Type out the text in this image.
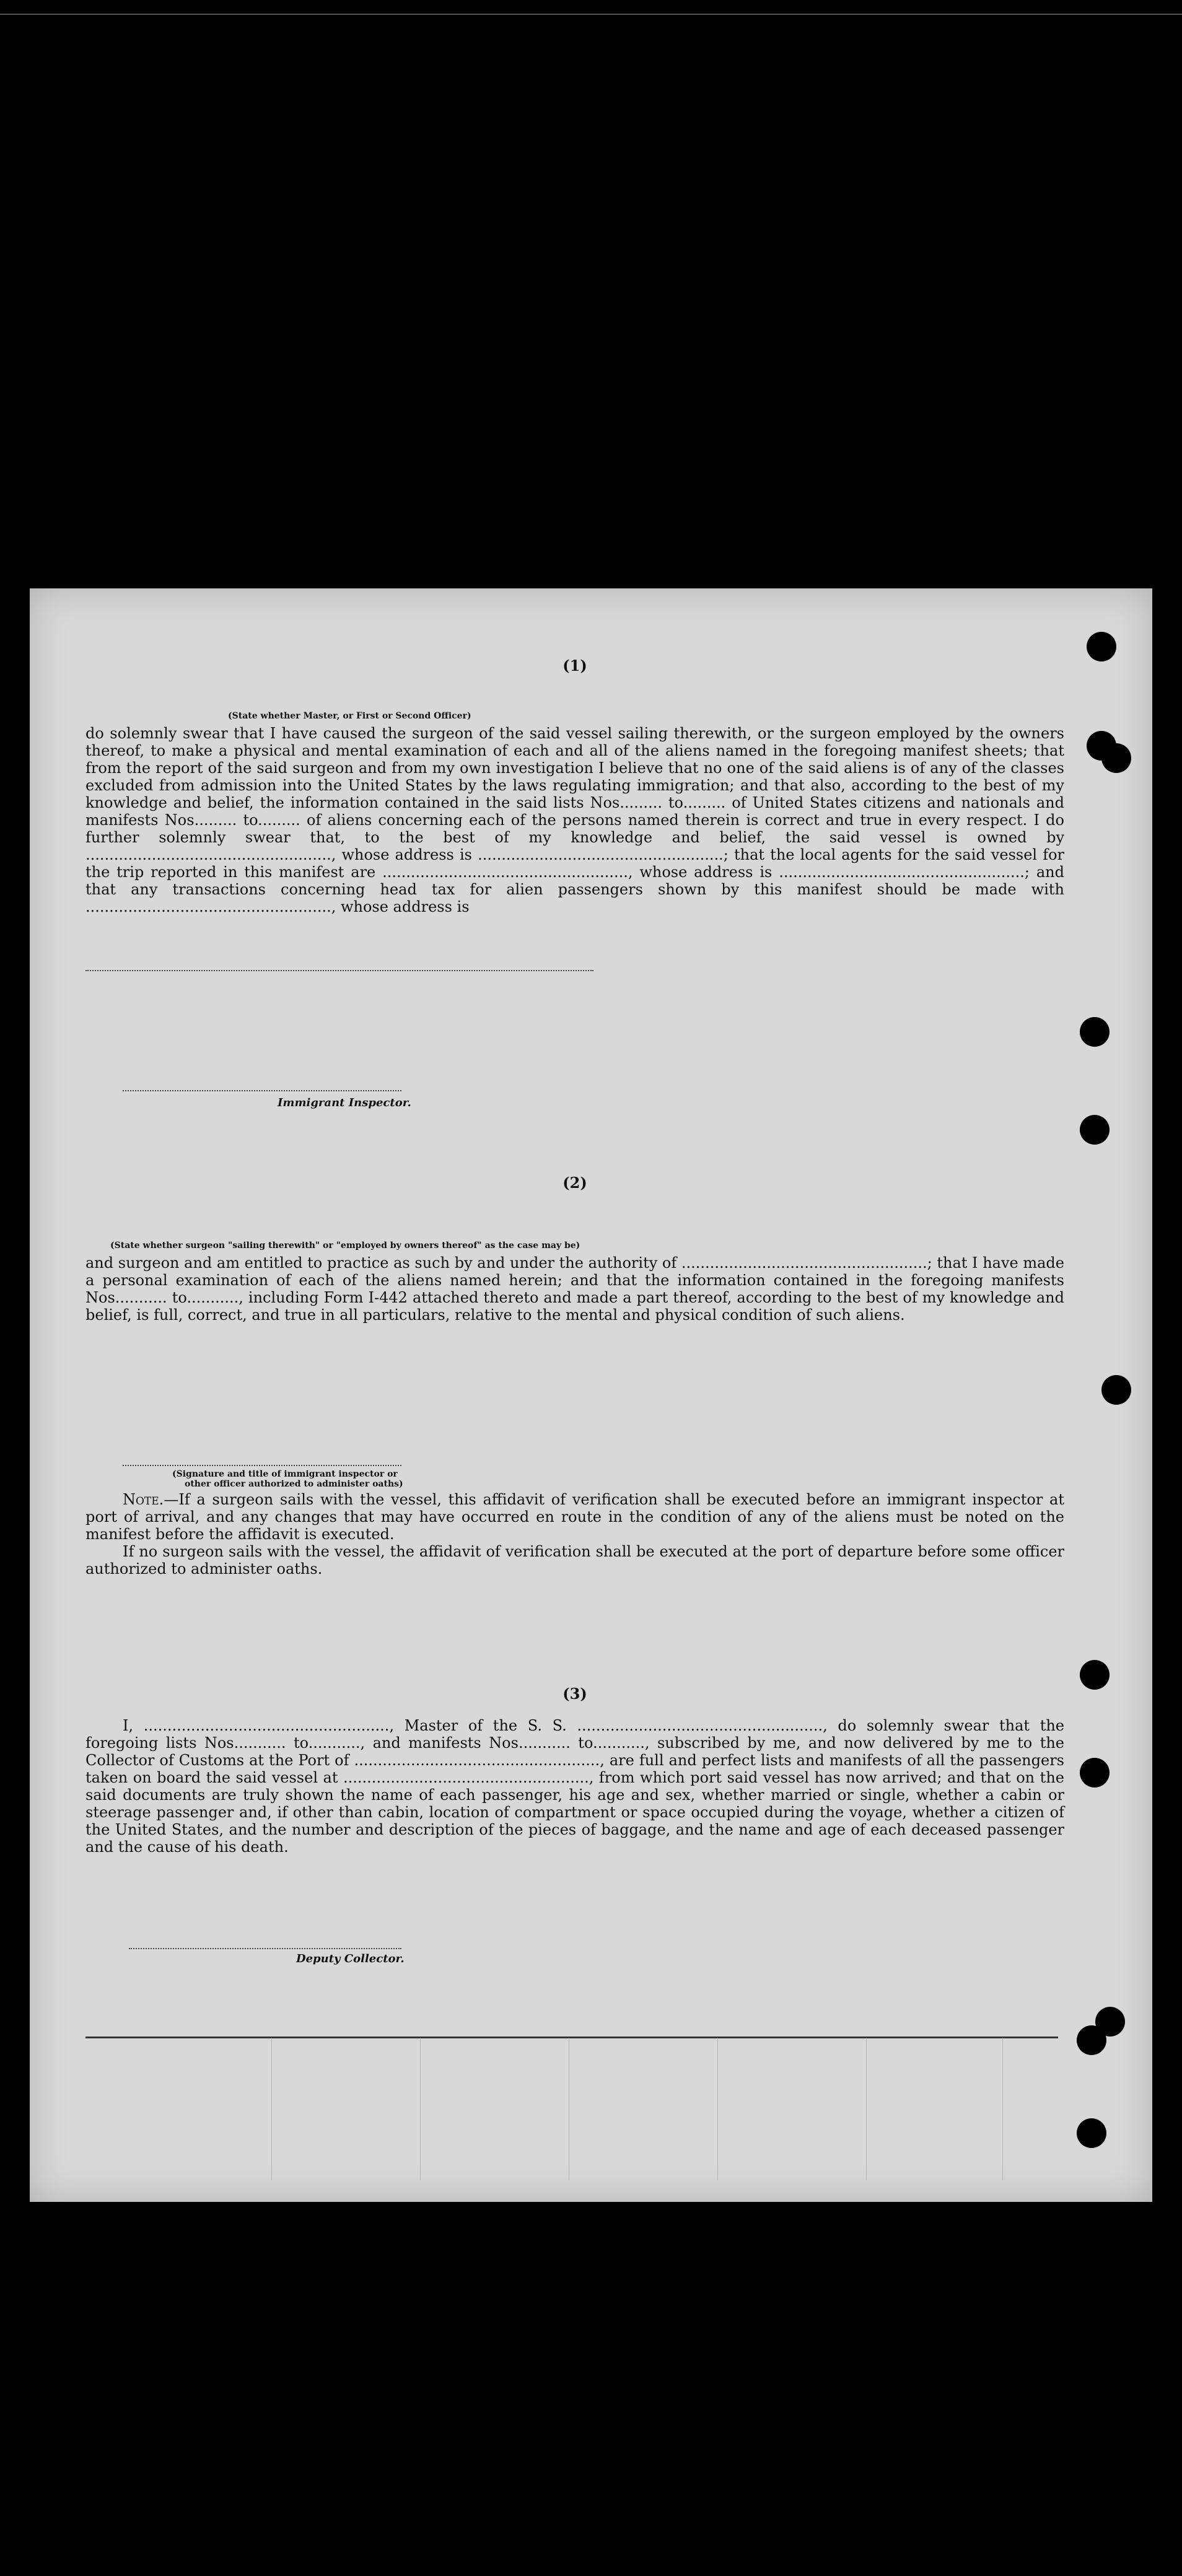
(1)
(State whether Master, or First or Second Officer)
do solemnly swear that I have caused the surgeon of the said vessel sailing therewith, or the surgeon employed by the owners thereof, to make a physical and mental examination of each and all of the aliens named in the foregoing manifest sheets; that from the report of the said surgeon and from my own investigation I believe that no one of the said aliens is of any of the classes excluded from admission into the United States by the laws regulating immigration; and that also, according to the best of my knowledge and belief, the information contained in the said lists Nos......... to......... of United States citizens and nationals and manifests Nos......... to......... of aliens concerning each of the persons named therein is correct and true in every respect. I do further solemnly swear that, to the best of my knowledge and belief, the said vessel is owned by ...................................................., whose address is ....................................................; that the local agents for the said vessel for the trip reported in this manifest are ...................................................., whose address is ....................................................; and that any transactions concerning head tax for alien passengers shown by this manifest should be made with ...................................................., whose address is
Immigrant Inspector.
(2)
(State whether surgeon "sailing therewith" or "employed by owners thereof" as the case may be)
and surgeon and am entitled to practice as such by and under the authority of ....................................................; that I have made a personal examination of each of the aliens named herein; and that the information contained in the foregoing manifests Nos........... to..........., including Form I-442 attached thereto and made a part thereof, according to the best of my knowledge and belief, is full, correct, and true in all particulars, relative to the mental and physical condition of such aliens.
(Signature and title of immigrant inspector or
other officer authorized to administer oaths)
Note.—If a surgeon sails with the vessel, this affidavit of verification shall be executed before an immigrant inspector at port of arrival, and any changes that may have occurred en route in the condition of any of the aliens must be noted on the manifest before the affidavit is executed.
If no surgeon sails with the vessel, the affidavit of verification shall be executed at the port of departure before some officer authorized to administer oaths.
(3)
I, ...................................................., Master of the S. S. ...................................................., do solemnly swear that the foregoing lists Nos........... to..........., and manifests Nos........... to..........., subscribed by me, and now delivered by me to the Collector of Customs at the Port of ...................................................., are full and perfect lists and manifests of all the passengers taken on board the said vessel at ...................................................., from which port said vessel has now arrived; and that on the said documents are truly shown the name of each passenger, his age and sex, whether married or single, whether a cabin or steerage passenger and, if other than cabin, location of compartment or space occupied during the voyage, whether a citizen of the United States, and the number and description of the pieces of baggage, and the name and age of each deceased passenger and the cause of his death.
Deputy Collector.
